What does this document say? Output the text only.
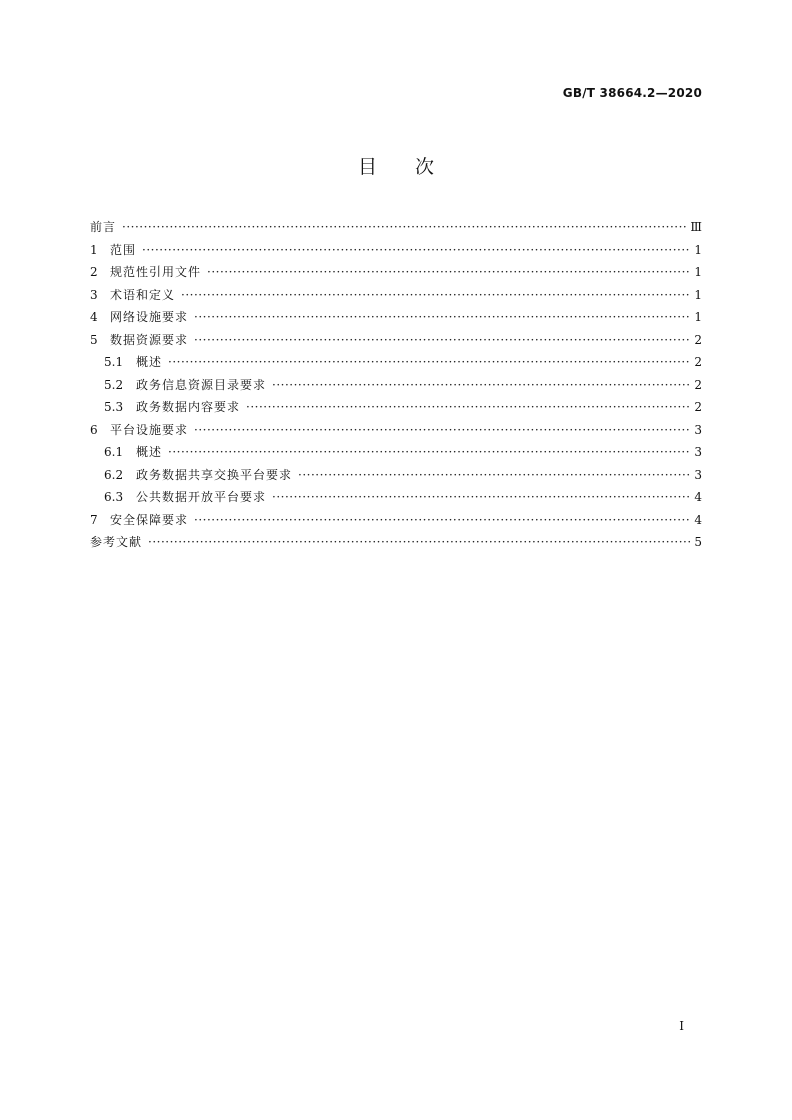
GB/T 38664.2—2020
目次
前言 ·····	Ⅲ
1	范围 ·····	1
2	规范性引用文件 ·····	1
3	术语和定义 ·····	1
4	网络设施要求 ·····	1
5	数据资源要求 ·····	2
5.1	概述 ·····	2
5.2	政务信息资源目录要求 ·····	2
5.3	政务数据内容要求 ·····	2
6	平台设施要求 ·····	3
6.1	概述 ·····	3
6.2	政务数据共享交换平台要求 ·····	3
6.3	公共数据开放平台要求 ·····	4
7	安全保障要求 ·····	4
参考文献 ·····	5
Ⅰ
